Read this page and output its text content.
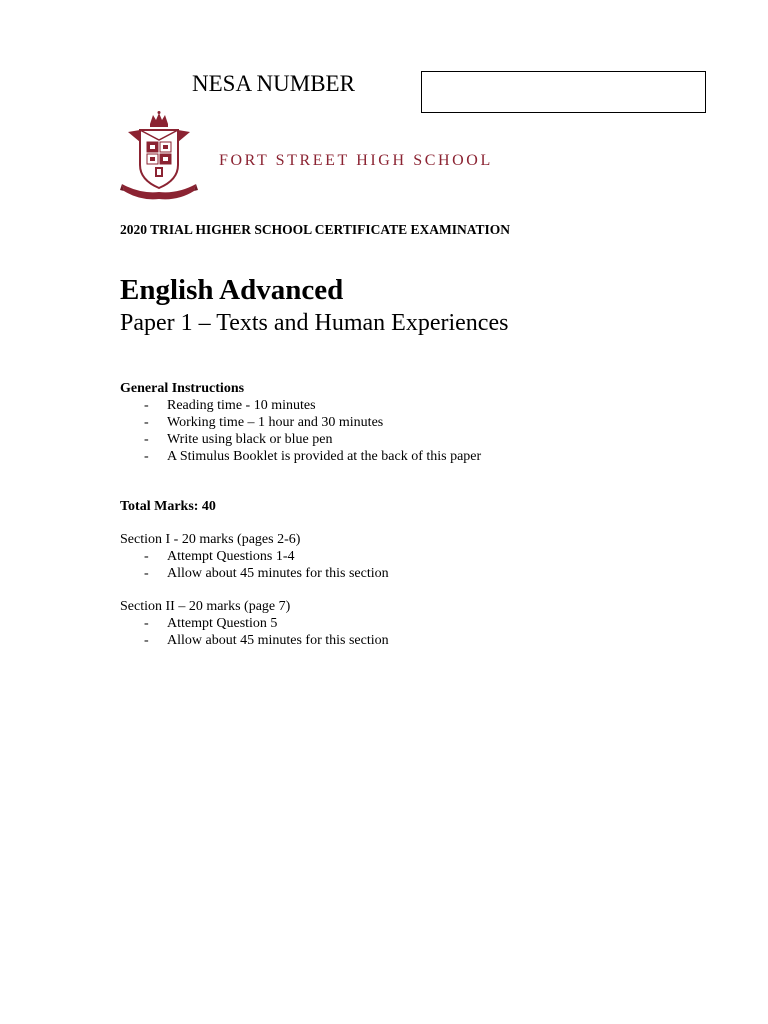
NESA NUMBER
FORT STREET HIGH SCHOOL
2020 TRIAL HIGHER SCHOOL CERTIFICATE EXAMINATION
English Advanced
Paper 1 – Texts and Human Experiences
General Instructions
- Reading time - 10 minutes
- Working time – 1 hour and 30 minutes
- Write using black or blue pen
- A Stimulus Booklet is provided at the back of this paper
Total Marks: 40
Section I - 20 marks (pages 2-6)
- Attempt Questions 1-4
- Allow about 45 minutes for this section
Section II – 20 marks (page 7)
- Attempt Question 5
- Allow about 45 minutes for this section
